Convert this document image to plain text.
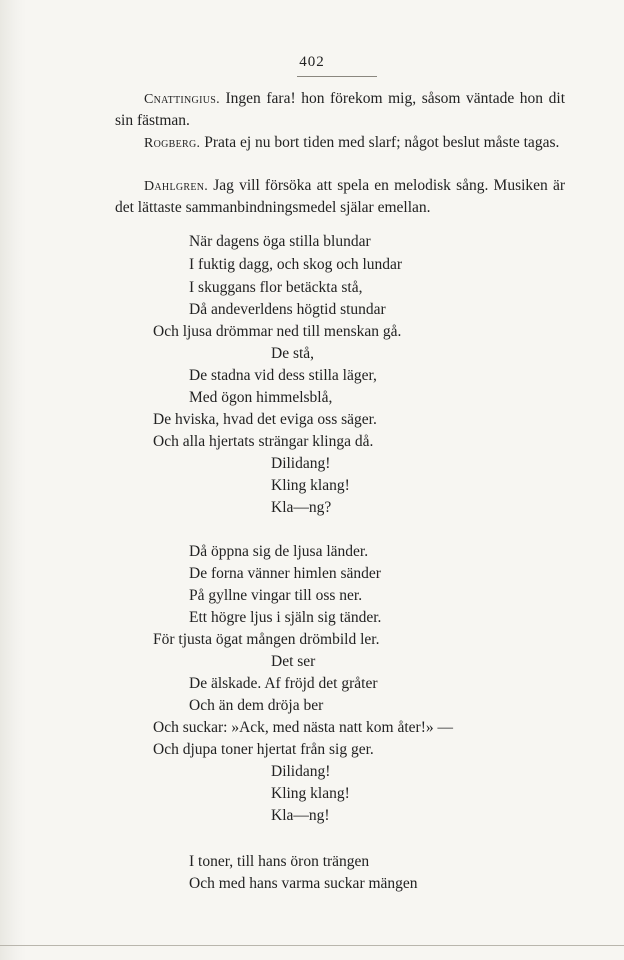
402

Cnattingius. Ingen fara! hon förekom mig, såsom väntade hon dit sin fästman.

Rogberg. Prata ej nu bort tiden med slarf; något beslut måste tagas.

Dahlgren. Jag vill försöka att spela en melodisk sång. Musiken är det lättaste sammanbindningsmedel själar emellan.

När dagens öga stilla blundar
I fuktig dagg, och skog och lundar
I skuggans flor betäckta stå,
Då andeverldens högtid stundar
Och ljusa drömmar ned till menskan gå.
De stå,
De stadna vid dess stilla läger,
Med ögon himmelsblå,
De hviska, hvad det eviga oss säger.
Och alla hjertats strängar klinga då.
Dilidang!
Kling klang!
Kla—ng?
Då öppna sig de ljusa länder.
De forna vänner himlen sänder
På gyllne vingar till oss ner.
Ett högre ljus i själn sig tänder.
För tjusta ögat mången drömbild ler.
Det ser
De älskade. Af fröjd det gråter
Och än dem dröja ber
Och suckar: »Ack, med nästa natt kom åter!» —
Och djupa toner hjertat från sig ger.
Dilidang!
Kling klang!
Kla—ng!
I toner, till hans öron trängen
Och med hans varma suckar mängen
